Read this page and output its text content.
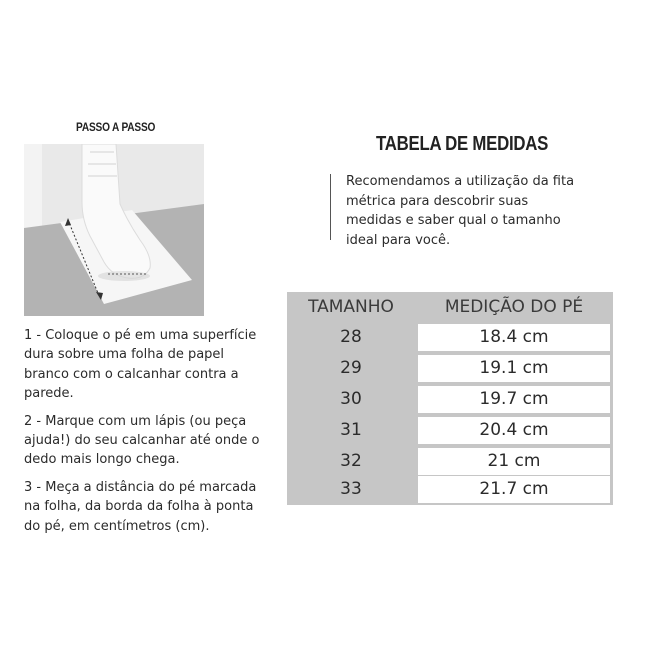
PASSO A PASSO

1 - Coloque o pé em uma superfície dura sobre uma folha de papel branco com o calcanhar contra a parede.

2 - Marque com um lápis (ou peça ajuda!) do seu calcanhar até onde o dedo mais longo chega.

3 - Meça a distância do pé marcada na folha, da borda da folha à ponta do pé, em centímetros (cm).

TABELA DE MEDIDAS
Recomendamos a utilização da fita métrica para descobrir suas medidas e saber qual o tamanho ideal para você.
TAMANHO	MEDIÇÃO DO PÉ
28	18.4 cm
29	19.1 cm
30	19.7 cm
31	20.4 cm
32	21 cm
33	21.7 cm
